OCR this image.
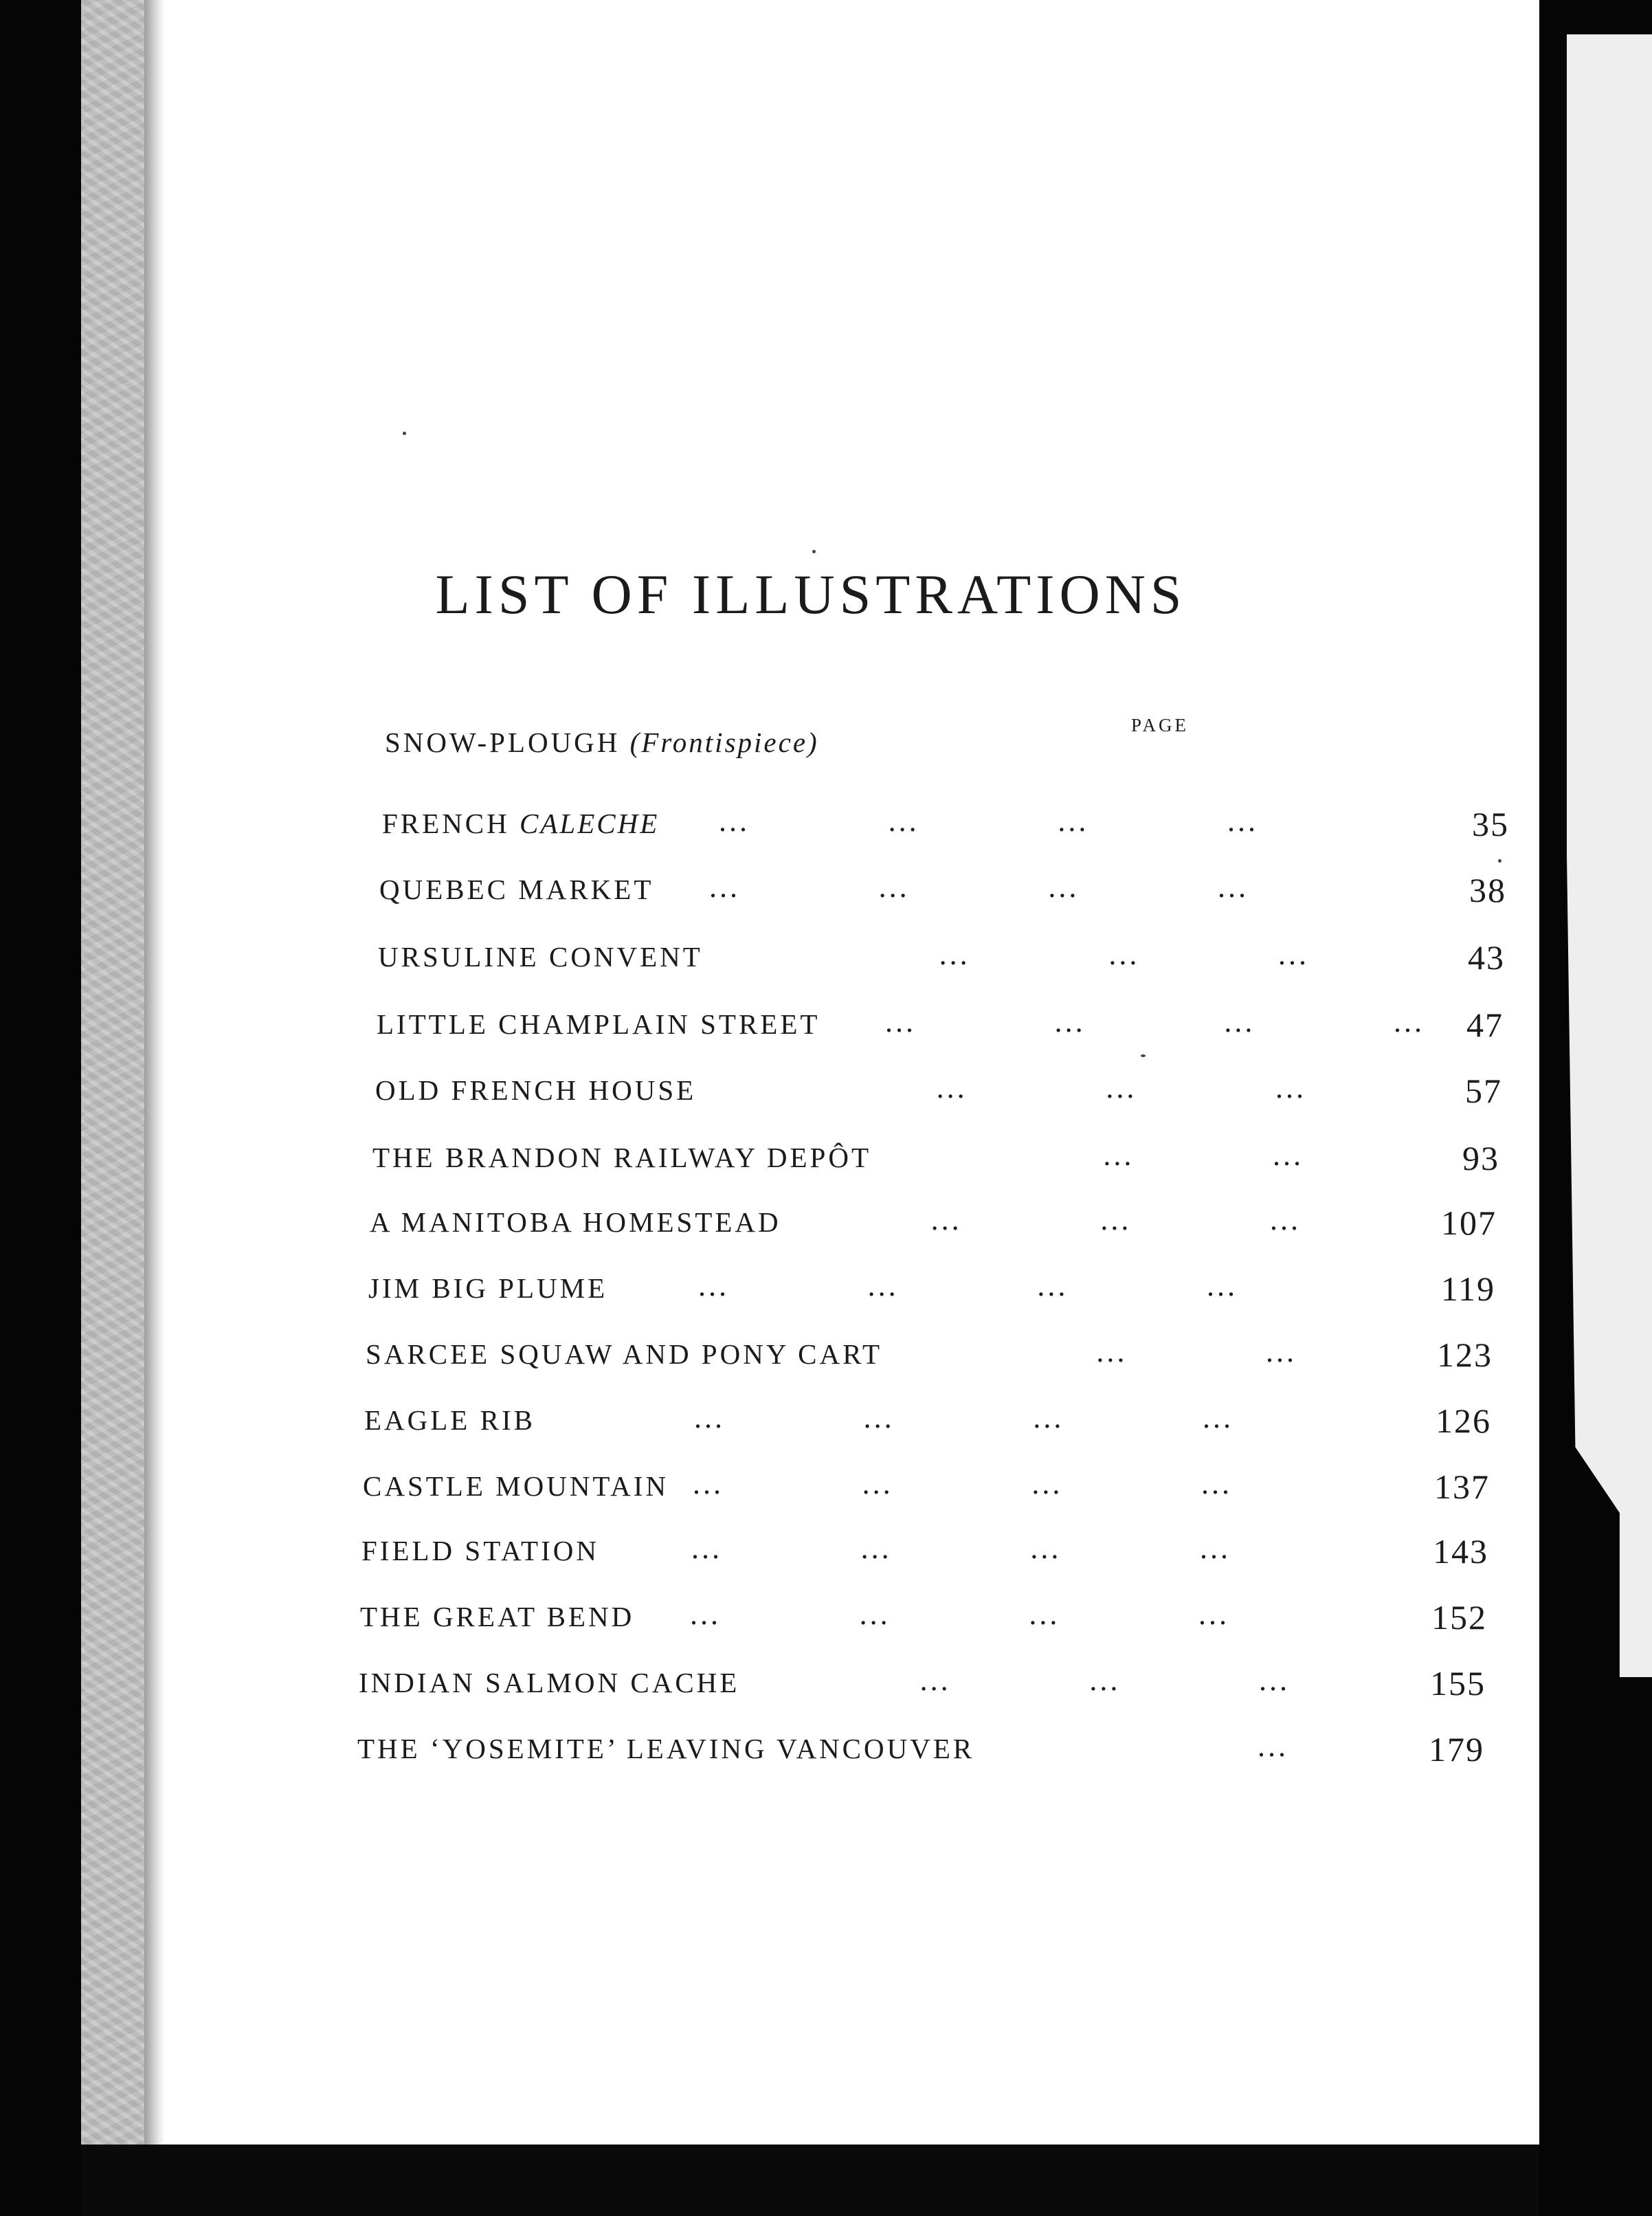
LIST OF ILLUSTRATIONS
PAGE
SNOW-PLOUGH (Frontispiece)
FRENCH CALECHE ...	...	...	...	35
QUEBEC MARKET ...	...	...	...	38
URSULINE CONVENT	...	...	...	43
LITTLE CHAMPLAIN STREET ...	...	...	...	47
OLD FRENCH HOUSE	...	...	...	57
THE BRANDON RAILWAY DEPÔT	...	...	93
A MANITOBA HOMESTEAD	...	...	...	107
JIM BIG PLUME	...	...	...	...	119
SARCEE SQUAW AND PONY CART	...	...	123
EAGLE RIB	...	...	...	...	126
CASTLE MOUNTAIN ...	...	...	...	137
FIELD STATION	...	...	...	...	143
THE GREAT BEND ...	...	...	...	152
INDIAN SALMON CACHE	...	...	...	155
THE ‘YOSEMITE’ LEAVING VANCOUVER	...	179
